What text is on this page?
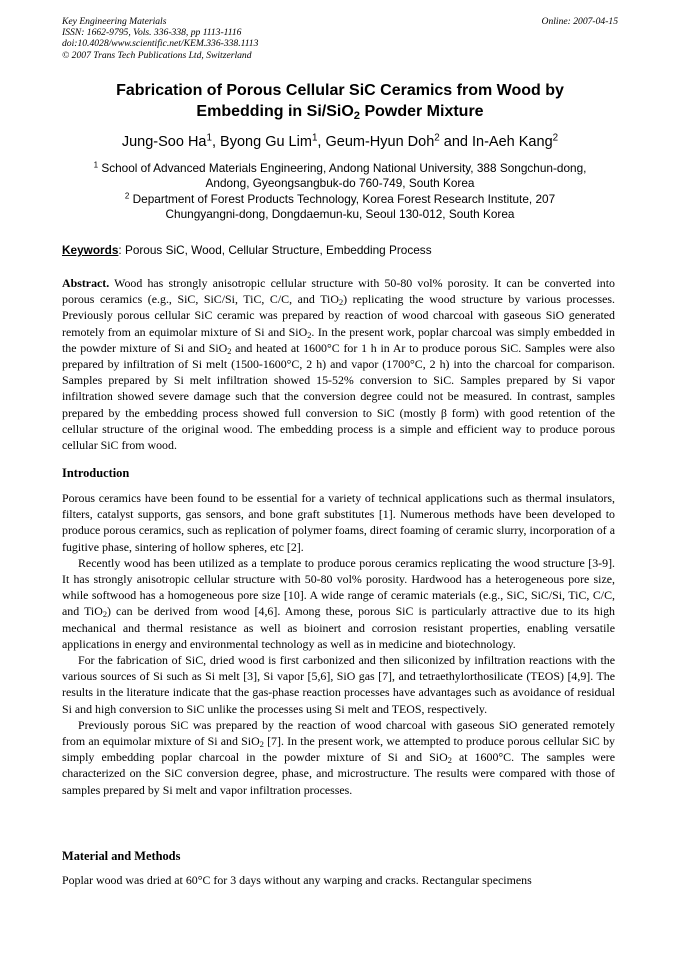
Key Engineering Materials
ISSN: 1662-9795, Vols. 336-338, pp 1113-1116
doi:10.4028/www.scientific.net/KEM.336-338.1113
© 2007 Trans Tech Publications Ltd, Switzerland
Online: 2007-04-15
Fabrication of Porous Cellular SiC Ceramics from Wood by
Embedding in Si/SiO$_2$ Powder Mixture
Jung-Soo Ha$^1$, Byong Gu Lim$^1$, Geum-Hyun Doh$^2$ and In-Aeh Kang$^2$
$^1$ School of Advanced Materials Engineering, Andong National University, 388 Songchun-dong,
Andong, Gyeongsangbuk-do 760-749, South Korea
$^2$ Department of Forest Products Technology, Korea Forest Research Institute, 207
Chungyangni-dong, Dongdaemun-ku, Seoul 130-012, South Korea
Keywords: Porous SiC, Wood, Cellular Structure, Embedding Process
Abstract. Wood has strongly anisotropic cellular structure with 50-80 vol% porosity. It can be converted into porous ceramics (e.g., SiC, SiC/Si, TiC, C/C, and TiO$_2$) replicating the wood structure by various processes. Previously porous cellular SiC ceramic was prepared by reaction of wood charcoal with gaseous SiO generated remotely from an equimolar mixture of Si and SiO$_2$. In the present work, poplar charcoal was simply embedded in the powder mixture of Si and SiO$_2$ and heated at 1600°C for 1 h in Ar to produce porous SiC. Samples were also prepared by infiltration of Si melt (1500-1600°C, 2 h) and vapor (1700°C, 2 h) into the charcoal for comparison. Samples prepared by Si melt infiltration showed 15-52% conversion to SiC. Samples prepared by Si vapor infiltration showed severe damage such that the conversion degree could not be measured. In contrast, samples prepared by the embedding process showed full conversion to SiC (mostly β form) with good retention of the cellular structure of the original wood. The embedding process is a simple and efficient way to produce porous cellular SiC from wood.
Introduction

Porous ceramics have been found to be essential for a variety of technical applications such as thermal insulators, filters, catalyst supports, gas sensors, and bone graft substitutes [1]. Numerous methods have been developed to produce porous ceramics, such as replication of polymer foams, direct foaming of ceramic slurry, incorporation of a fugitive phase, sintering of hollow spheres, etc [2].

Recently wood has been utilized as a template to produce porous ceramics replicating the wood structure [3-9]. It has strongly anisotropic cellular structure with 50-80 vol% porosity. Hardwood has a heterogeneous pore size, while softwood has a homogeneous pore size [10]. A wide range of ceramic materials (e.g., SiC, SiC/Si, TiC, C/C, and TiO$_2$) can be derived from wood [4,6]. Among these, porous SiC is particularly attractive due to its high mechanical and thermal resistance as well as bioinert and corrosion resistant properties, enabling versatile applications in energy and environmental technology as well as in medicine and biotechnology.

For the fabrication of SiC, dried wood is first carbonized and then siliconized by infiltration reactions with the various sources of Si such as Si melt [3], Si vapor [5,6], SiO gas [7], and tetraethylorthosilicate (TEOS) [4,9]. The results in the literature indicate that the gas-phase reaction processes have advantages such as avoidance of residual Si and high conversion to SiC unlike the processes using Si melt and TEOS, respectively.

Previously porous SiC was prepared by the reaction of wood charcoal with gaseous SiO generated remotely from an equimolar mixture of Si and SiO$_2$ [7]. In the present work, we attempted to produce porous cellular SiC by simply embedding poplar charcoal in the powder mixture of Si and SiO$_2$ at 1600°C. The samples were characterized on the SiC conversion degree, phase, and microstructure. The results were compared with those of samples prepared by Si melt and vapor infiltration processes.

Material and Methods
Poplar wood was dried at 60°C for 3 days without any warping and cracks. Rectangular specimens
